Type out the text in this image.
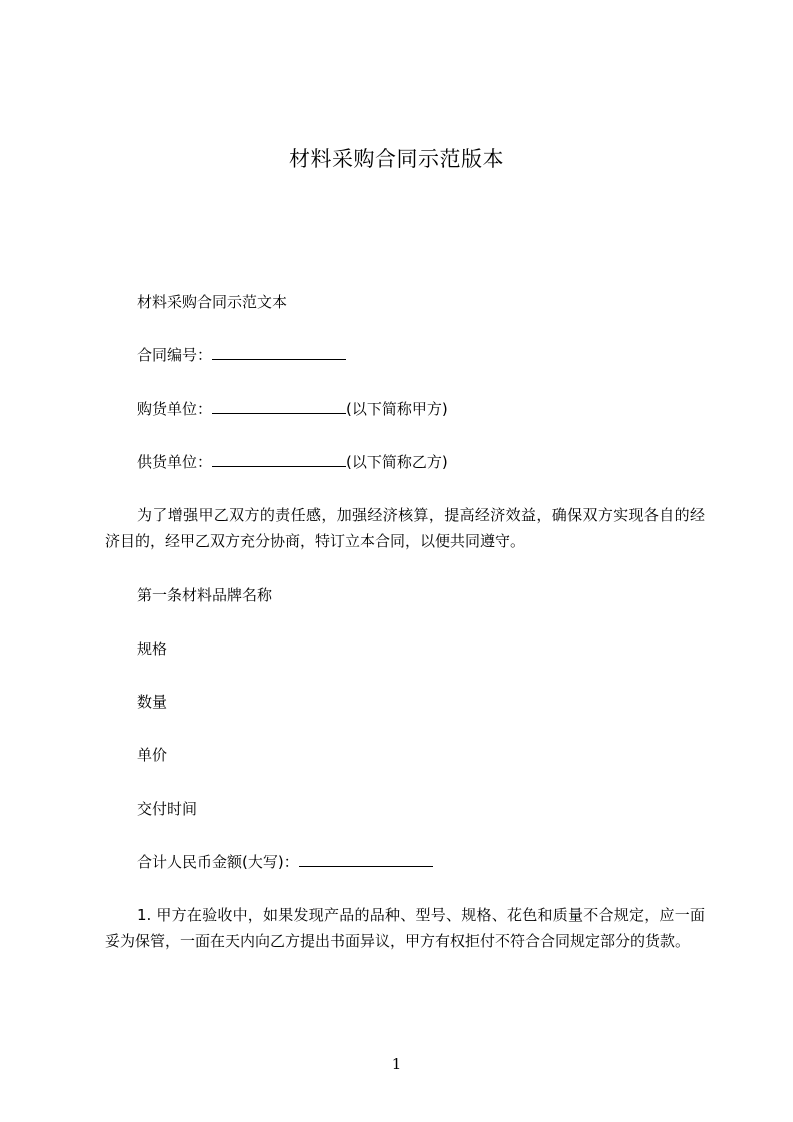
材料采购合同示范版本
材料采购合同示范文本
合同编号：
购货单位：	(以下简称甲方)
供货单位：	(以下简称乙方)
为了增强甲乙双方的责任感，加强经济核算，提高经济效益，确保双方实现各自的经济目的，经甲乙双方充分协商，特订立本合同，以便共同遵守。
第一条材料品牌名称
规格
数量
单价
交付时间
合计人民币金额(大写)：
1. 甲方在验收中，如果发现产品的品种、型号、规格、花色和质量不合规定，应一面妥为保管，一面在天内向乙方提出书面异议，甲方有权拒付不符合合同规定部分的货款。
1
